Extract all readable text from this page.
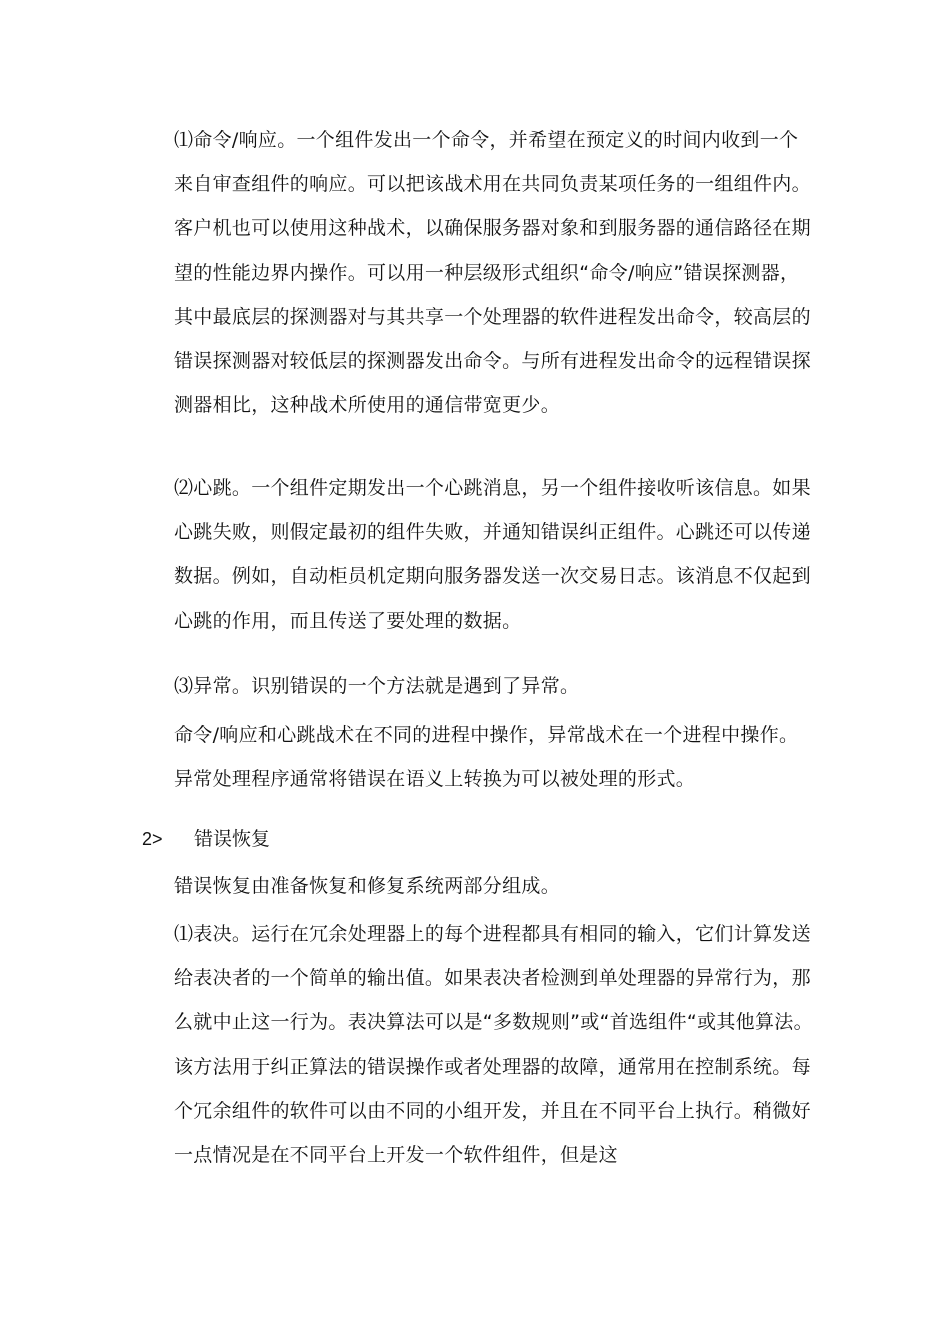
⑴命令/响应。一个组件发出一个命令，并希望在预定义的时间内收到一个来自审查组件的响应。可以把该战术用在共同负责某项任务的一组组件内。客户机也可以使用这种战术，以确保服务器对象和到服务器的通信路径在期望的性能边界内操作。可以用一种层级形式组织“命令/响应”错误探测器，其中最底层的探测器对与其共享一个处理器的软件进程发出命令，较高层的错误探测器对较低层的探测器发出命令。与所有进程发出命令的远程错误探测器相比，这种战术所使用的通信带宽更少。

⑵心跳。一个组件定期发出一个心跳消息，另一个组件接收听该信息。如果心跳失败，则假定最初的组件失败，并通知错误纠正组件。心跳还可以传递数据。例如，自动柜员机定期向服务器发送一次交易日志。该消息不仅起到心跳的作用，而且传送了要处理的数据。

⑶异常。识别错误的一个方法就是遇到了异常。

命令/响应和心跳战术在不同的进程中操作，异常战术在一个进程中操作。异常处理程序通常将错误在语义上转换为可以被处理的形式。

2> 错误恢复

错误恢复由准备恢复和修复系统两部分组成。

⑴表决。运行在冗余处理器上的每个进程都具有相同的输入，它们计算发送给表决者的一个简单的输出值。如果表决者检测到单处理器的异常行为，那么就中止这一行为。表决算法可以是“多数规则”或“首选组件“或其他算法。该方法用于纠正算法的错误操作或者处理器的故障，通常用在控制系统。每个冗余组件的软件可以由不同的小组开发，并且在不同平台上执行。稍微好一点情况是在不同平台上开发一个软件组件，但是这
